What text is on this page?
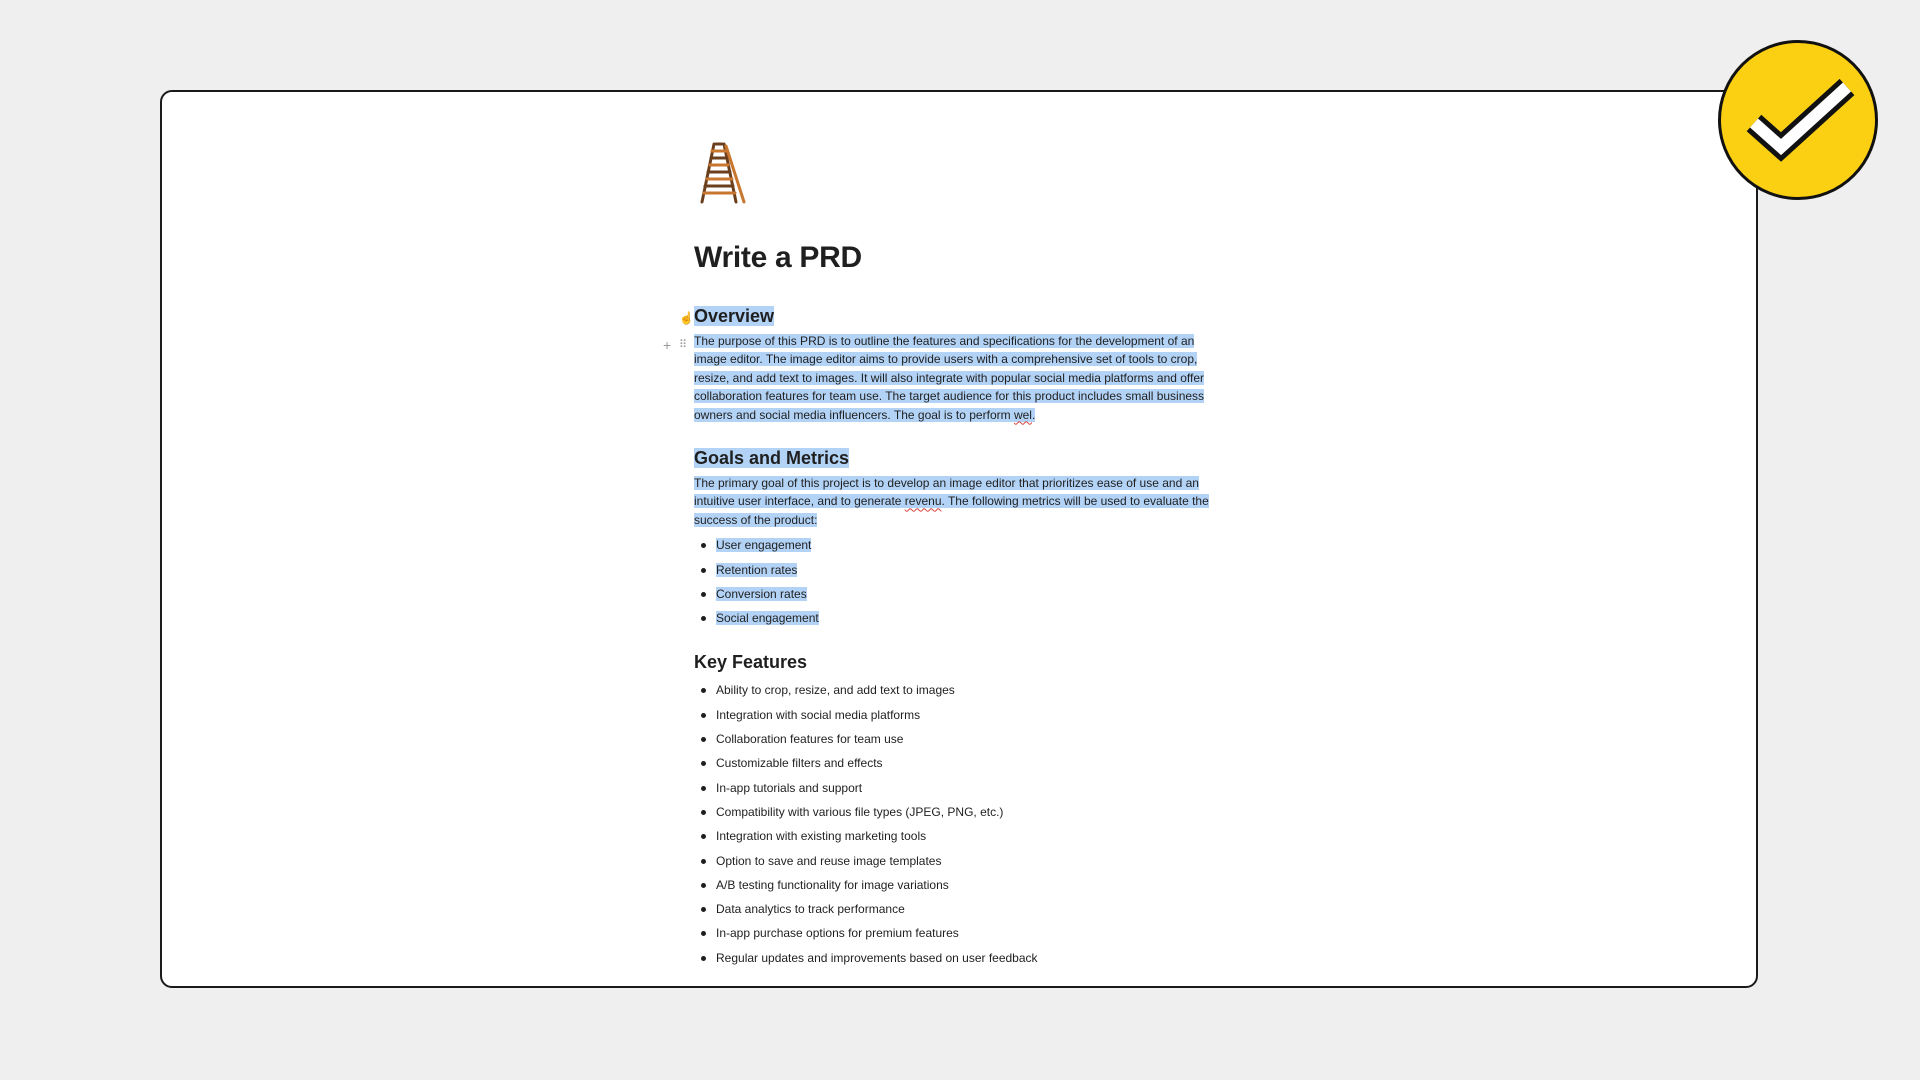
Write a PRD
☝ Overview
+ ⠿ The purpose of this PRD is to outline the features and specifications for the development of an image editor. The image editor aims to provide users with a comprehensive set of tools to crop, resize, and add text to images. It will also integrate with popular social media platforms and offer collaboration features for team use. The target audience for this product includes small business owners and social media influencers. The goal is to perform wel.

Goals and Metrics

The primary goal of this project is to develop an image editor that prioritizes ease of use and an intuitive user interface, and to generate revenu. The following metrics will be used to evaluate the success of the product:

User engagement
Retention rates
Conversion rates
Social engagement
Key Features
Ability to crop, resize, and add text to images
Integration with social media platforms
Collaboration features for team use
Customizable filters and effects
In-app tutorials and support
Compatibility with various file types (JPEG, PNG, etc.)
Integration with existing marketing tools
Option to save and reuse image templates
A/B testing functionality for image variations
Data analytics to track performance
In-app purchase options for premium features
Regular updates and improvements based on user feedback
